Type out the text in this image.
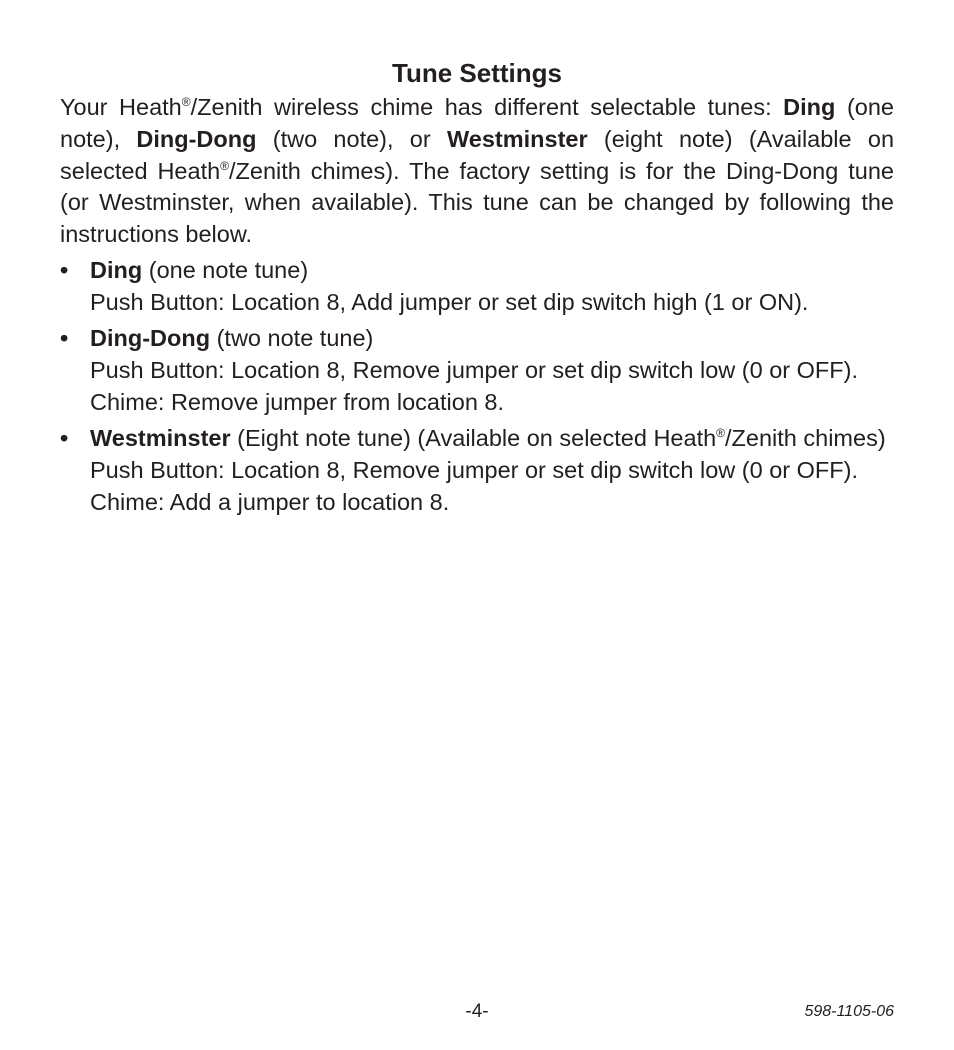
Tune Settings

Your Heath®/Zenith wireless chime has different selectable tunes: Ding (one note), Ding-Dong (two note), or Westminster (eight note) (Available on selected Heath®/Zenith chimes). The factory setting is for the Ding-Dong tune (or Westminster, when available). This tune can be changed by following the instructions below.

• Ding (one note tune)
Push Button: Location 8, Add jumper or set dip switch high (1 or ON).
• Ding-Dong (two note tune)
Push Button: Location 8, Remove jumper or set dip switch low (0 or OFF).
Chime: Remove jumper from location 8.
• Westminster (Eight note tune) (Available on selected Heath®/Zenith chimes)
Push Button: Location 8, Remove jumper or set dip switch low (0 or OFF).
Chime: Add a jumper to location 8.
-4-	598-1105-06
